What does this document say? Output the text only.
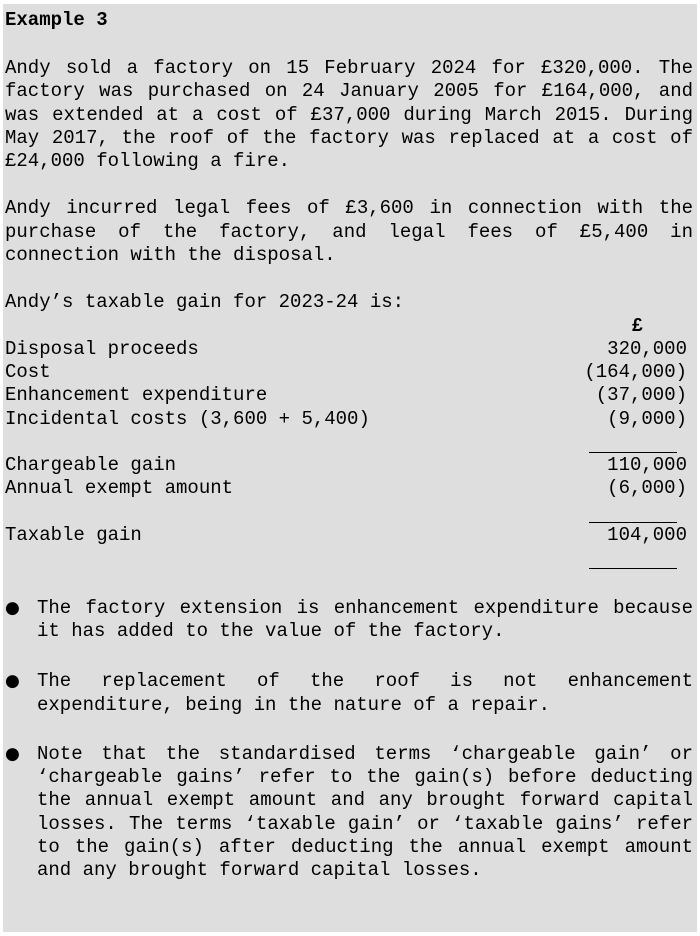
Example 3

Andy sold a factory on 15 February 2024 for £320,000. The factory was purchased on 24 January 2005 for £164,000, and was extended at a cost of £37,000 during March 2015. During May 2017, the roof of the factory was replaced at a cost of £24,000 following a fire.

Andy incurred legal fees of £3,600 in connection with the purchase of the factory, and legal fees of £5,400 in connection with the disposal.

Andy’s taxable gain for 2023-24 is:

£
Disposal proceeds	320,000
Cost	(164,000)
Enhancement expenditure	(37,000)
Incidental costs (3,600 + 5,400)	(9,000)
Chargeable gain	110,000
Annual exempt amount	(6,000)
Taxable gain	104,000
● The factory extension is enhancement expenditure because it has added to the value of the factory.

● The replacement of the roof is not enhancement expenditure, being in the nature of a repair.

● Note that the standardised terms ‘chargeable gain’ or ‘chargeable gains’ refer to the gain(s) before deducting the annual exempt amount and any brought forward capital losses. The terms ‘taxable gain’ or ‘taxable gains’ refer to the gain(s) after deducting the annual exempt amount and any brought forward capital losses.
